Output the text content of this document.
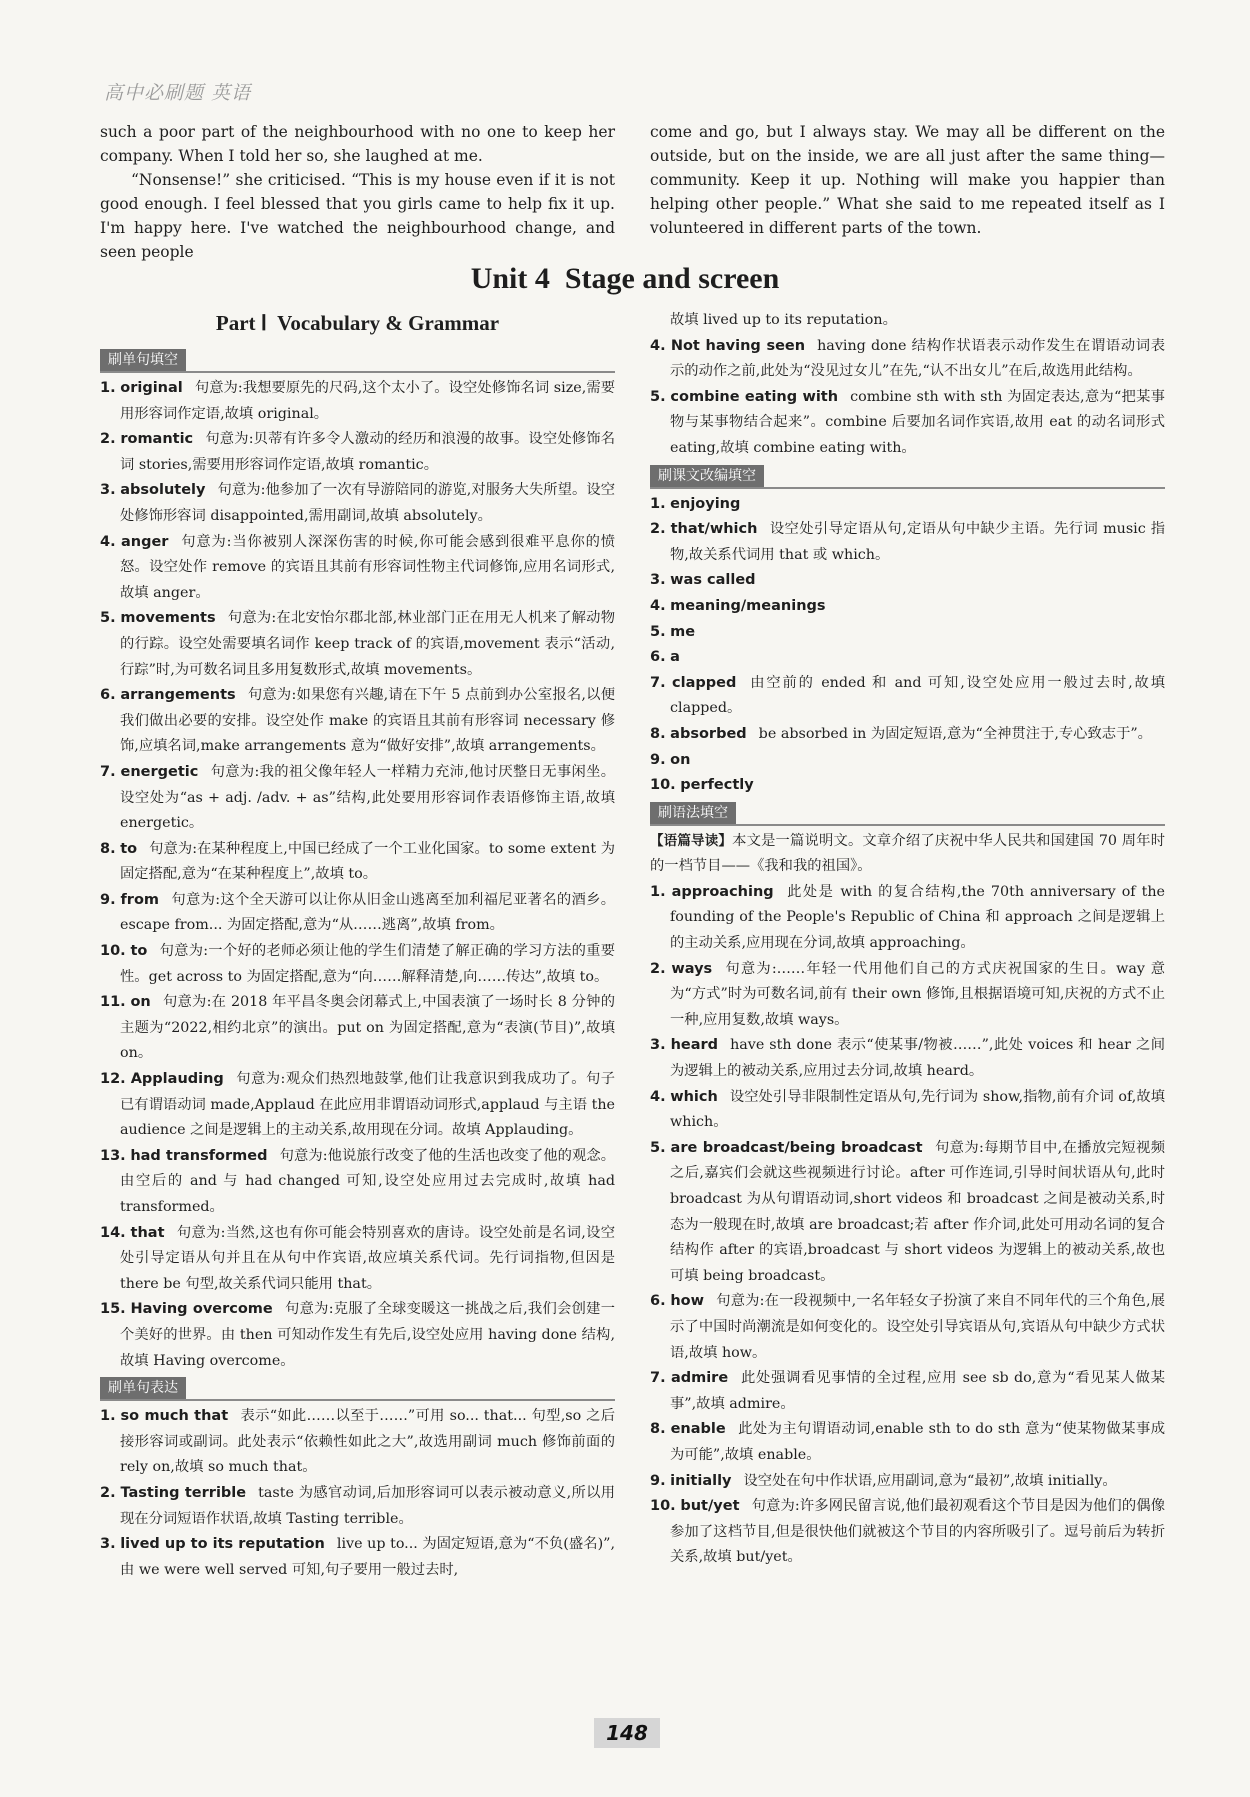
高中必刷题 英语

such a poor part of the neighbourhood with no one to keep her company. When I told her so, she laughed at me.

“Nonsense!” she criticised. “This is my house even if it is not good enough. I feel blessed that you girls came to help fix it up. I'm happy here. I've watched the neighbourhood change, and seen people

come and go, but I always stay. We may all be different on the outside, but on the inside, we are all just after the same thing—community. Keep it up. Nothing will make you happier than helping other people.” What she said to me repeated itself as I volunteered in different parts of the town.

Unit 4  Stage and screen
Part Ⅰ  Vocabulary & Grammar
刷单句填空

1. original 句意为:我想要原先的尺码,这个太小了。设空处修饰名词 size,需要用形容词作定语,故填 original。

2. romantic 句意为:贝蒂有许多令人激动的经历和浪漫的故事。设空处修饰名词 stories,需要用形容词作定语,故填 romantic。

3. absolutely 句意为:他参加了一次有导游陪同的游览,对服务大失所望。设空处修饰形容词 disappointed,需用副词,故填 absolutely。

4. anger 句意为:当你被别人深深伤害的时候,你可能会感到很难平息你的愤怒。设空处作 remove 的宾语且其前有形容词性物主代词修饰,应用名词形式,故填 anger。

5. movements 句意为:在北安怡尔郡北部,林业部门正在用无人机来了解动物的行踪。设空处需要填名词作 keep track of 的宾语,movement 表示“活动,行踪”时,为可数名词且多用复数形式,故填 movements。

6. arrangements 句意为:如果您有兴趣,请在下午 5 点前到办公室报名,以便我们做出必要的安排。设空处作 make 的宾语且其前有形容词 necessary 修饰,应填名词,make arrangements 意为“做好安排”,故填 arrangements。

7. energetic 句意为:我的祖父像年轻人一样精力充沛,他讨厌整日无事闲坐。设空处为“as + adj. /adv. + as”结构,此处要用形容词作表语修饰主语,故填 energetic。

8. to 句意为:在某种程度上,中国已经成了一个工业化国家。to some extent 为固定搭配,意为“在某种程度上”,故填 to。

9. from 句意为:这个全天游可以让你从旧金山逃离至加利福尼亚著名的酒乡。escape from... 为固定搭配,意为“从……逃离”,故填 from。

10. to 句意为:一个好的老师必须让他的学生们清楚了解正确的学习方法的重要性。get across to 为固定搭配,意为“向……解释清楚,向……传达”,故填 to。

11. on 句意为:在 2018 年平昌冬奥会闭幕式上,中国表演了一场时长 8 分钟的主题为“2022,相约北京”的演出。put on 为固定搭配,意为“表演(节目)”,故填 on。

12. Applauding 句意为:观众们热烈地鼓掌,他们让我意识到我成功了。句子已有谓语动词 made,Applaud 在此应用非谓语动词形式,applaud 与主语 the audience 之间是逻辑上的主动关系,故用现在分词。故填 Applauding。

13. had transformed 句意为:他说旅行改变了他的生活也改变了他的观念。由空后的 and 与 had changed 可知,设空处应用过去完成时,故填 had transformed。

14. that 句意为:当然,这也有你可能会特别喜欢的唐诗。设空处前是名词,设空处引导定语从句并且在从句中作宾语,故应填关系代词。先行词指物,但因是 there be 句型,故关系代词只能用 that。

15. Having overcome 句意为:克服了全球变暖这一挑战之后,我们会创建一个美好的世界。由 then 可知动作发生有先后,设空处应用 having done 结构,故填 Having overcome。

刷单句表达

1. so much that 表示“如此……以至于……”可用 so... that... 句型,so 之后接形容词或副词。此处表示“依赖性如此之大”,故选用副词 much 修饰前面的 rely on,故填 so much that。

2. Tasting terrible taste 为感官动词,后加形容词可以表示被动意义,所以用现在分词短语作状语,故填 Tasting terrible。

3. lived up to its reputation live up to... 为固定短语,意为“不负(盛名)”,由 we were well served 可知,句子要用一般过去时,

故填 lived up to its reputation。

4. Not having seen having done 结构作状语表示动作发生在谓语动词表示的动作之前,此处为“没见过女儿”在先,“认不出女儿”在后,故选用此结构。

5. combine eating with combine sth with sth 为固定表达,意为“把某事物与某事物结合起来”。combine 后要加名词作宾语,故用 eat 的动名词形式 eating,故填 combine eating with。

刷课文改编填空

1. enjoying

2. that/which 设空处引导定语从句,定语从句中缺少主语。先行词 music 指物,故关系代词用 that 或 which。

3. was called

4. meaning/meanings

5. me

6. a

7. clapped 由空前的 ended 和 and 可知,设空处应用一般过去时,故填 clapped。

8. absorbed be absorbed in 为固定短语,意为“全神贯注于,专心致志于”。

9. on

10. perfectly

刷语法填空

【语篇导读】本文是一篇说明文。文章介绍了庆祝中华人民共和国建国 70 周年时的一档节目——《我和我的祖国》。

1. approaching 此处是 with 的复合结构,the 70th anniversary of the founding of the People's Republic of China 和 approach 之间是逻辑上的主动关系,应用现在分词,故填 approaching。

2. ways 句意为:……年轻一代用他们自己的方式庆祝国家的生日。way 意为“方式”时为可数名词,前有 their own 修饰,且根据语境可知,庆祝的方式不止一种,应用复数,故填 ways。

3. heard have sth done 表示“使某事/物被……”,此处 voices 和 hear 之间为逻辑上的被动关系,应用过去分词,故填 heard。

4. which 设空处引导非限制性定语从句,先行词为 show,指物,前有介词 of,故填 which。

5. are broadcast/being broadcast 句意为:每期节目中,在播放完短视频之后,嘉宾们会就这些视频进行讨论。after 可作连词,引导时间状语从句,此时 broadcast 为从句谓语动词,short videos 和 broadcast 之间是被动关系,时态为一般现在时,故填 are broadcast;若 after 作介词,此处可用动名词的复合结构作 after 的宾语,broadcast 与 short videos 为逻辑上的被动关系,故也可填 being broadcast。

6. how 句意为:在一段视频中,一名年轻女子扮演了来自不同年代的三个角色,展示了中国时尚潮流是如何变化的。设空处引导宾语从句,宾语从句中缺少方式状语,故填 how。

7. admire 此处强调看见事情的全过程,应用 see sb do,意为“看见某人做某事”,故填 admire。

8. enable 此处为主句谓语动词,enable sth to do sth 意为“使某物做某事成为可能”,故填 enable。

9. initially 设空处在句中作状语,应用副词,意为“最初”,故填 initially。

10. but/yet 句意为:许多网民留言说,他们最初观看这个节目是因为他们的偶像参加了这档节目,但是很快他们就被这个节目的内容所吸引了。逗号前后为转折关系,故填 but/yet。

148
